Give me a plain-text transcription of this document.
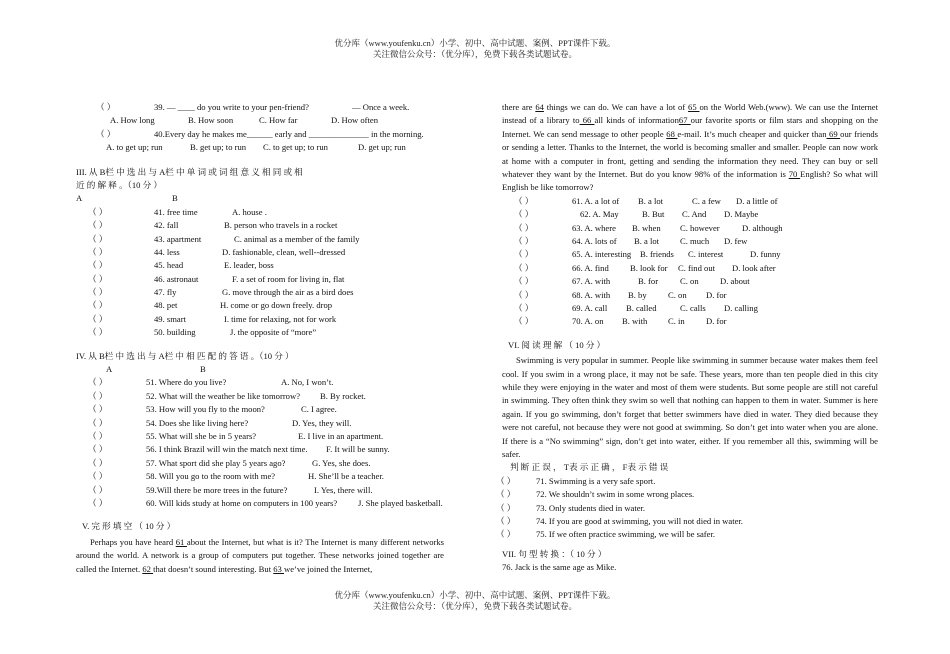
优分库（www.youfenku.cn）小学、初中、高中试题、案例、PPT课件下载。
关注微信公众号：（优分库），免费下载各类试题试卷。
（ ）	39. — ____ do you write to your pen-friend?	— Once a week.
A. How long	B. How soon	C. How far	D. How often
（ ）	40.Every day he makes me______ early and ______________ in the morning.
A. to get up; run	B. get up; to run C. to get up; to run	D. get up; run
III. 从 B栏 中 选 出 与 A栏 中 单 词 或 词 组 意 义 相 同 或 相
近 的 解 释 。（10 分 ）
A	B
（ ）	41. free time	A. house .
（ ）	42. fall	B. person who travels in a rocket
（ ）	43. apartment	C. animal as a member of the family
（ ）	44. less	D. fashionable, clean, well--dressed
（ ）	45. head	E. leader, boss
（ ）	46. astronaut	F. a set of room for living in, flat
（ ）	47. fly	G. move through the air as a bird does
（ ）	48. pet	H. come or go down freely. drop
（ ）	49. smart	I. time for relaxing, not for work
（ ）	50. building	J. the opposite of “more”
IV. 从 B栏 中 选 出 与 A栏 中 相 匹 配 的 答 语 。（10 分 ）
A	B
（ ）	51. Where do you live?	A. No, I won’t.
（ ）	52. What will the weather be like tomorrow? B. By rocket.
（ ）	53. How will you fly to the moon?	C. I agree.
（ ）	54. Does she like living here?	D. Yes, they will.
（ ）	55. What will she be in 5 years?	E. I live in an apartment.
（ ）	56. I think Brazil will win the match next time. F. It will be sunny.
（ ）	57. What sport did she play 5 years ago?	G. Yes, she does.
（ ）	58. Will you go to the room with me?	H. She’ll be a teacher.
（ ）	59.Will there be more trees in the future?	I. Yes, there will.
（ ）	60. Will kids study at home on computers in 100 years? J. She played basketball.
V. 完 形 填 空 （ 10 分 ）

Perhaps you have heard 61 about the Internet, but what is it? The Internet is many different networks around the world. A network is a group of computers put together. These networks joined together are called the Internet. 62 that doesn’t sound interesting. But 63 we’ve joined the Internet,

there are 64 things we can do. We can have a lot of 65 on the World Web.(www). We can use the Internet instead of a library to 66 all kinds of information67 our favorite sports or film stars and shopping on the Internet. We can send message to other people 68 e-mail. It’s much cheaper and quicker than 69 our friends or sending a letter. Thanks to the Internet, the world is becoming smaller and smaller. People can now work at home with a computer in front, getting and sending the information they need. They can buy or sell whatever they want by the Internet. But do you know 98% of the information is 70 English? So what will English be like tomorrow?

（ ）	61. A. a lot of B. a lot	C. a few D. a little of
（ ）	62. A. May	B. But C. And D. Maybe
（ ）	63. A. where B. when C. however	D. although
（ ）	64. A. lots of B. a lot C. much D. few
（ ）	65. A. interesting B. friends C. interest	D. funny
（ ）	66. A. find B. look for C. find out D. look after
（ ）	67. A. with	B. for	C. on D. about
（ ）	68. A. with B. by C. on D. for
（ ）	69. A. call B. called	C. calls D. calling
（ ）	70. A. on B. with C. in D. for
VI. 阅 读 理 解 （ 10 分 ）

Swimming is very popular in summer. People like swimming in summer because water makes them feel cool. If you swim in a wrong place, it may not be safe. These years, more than ten people died in this city while they were enjoying in the water and most of them were students. But some people are still not careful in swimming. They often think they swim so well that nothing can happen to them in water. Summer is here again. If you go swimming, don’t forget that better swimmers have died in water. They died because they were not careful, not because they were not good at swimming. So don’t get into water when you are alone. If there is a “No swimming” sign, don’t get into water, either. If you remember all this, swimming will be safer.

判 断 正 误 ， T表 示 正 确 ， F表 示 错 误
（ ） 71. Swimming is a very safe sport.
（ ） 72. We shouldn’t swim in some wrong places.
（ ） 73. Only students died in water.
（ ） 74. If you are good at swimming, you will not died in water.
（ ） 75. If we often practice swimming, we will be safer.
VII. 句 型 转 换 ：（ 10 分 ）
76. Jack is the same age as Mike.
优分库（www.youfenku.cn）小学、初中、高中试题、案例、PPT课件下载。
关注微信公众号：（优分库），免费下载各类试题试卷。
